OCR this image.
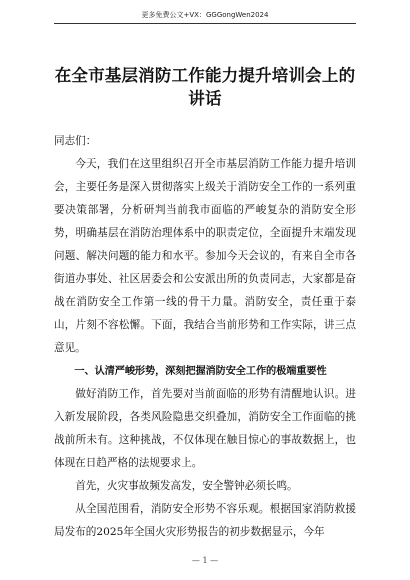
更多免费公文+VX：GGGongWen2024
在全市基层消防工作能力提升培训会上的讲话

同志们：

今天，我们在这里组织召开全市基层消防工作能力提升培训会，主要任务是深入贯彻落实上级关于消防安全工作的一系列重要决策部署，分析研判当前我市面临的严峻复杂的消防安全形势，明确基层在消防治理体系中的职责定位，全面提升末端发现问题、解决问题的能力和水平。参加今天会议的，有来自全市各街道办事处、社区居委会和公安派出所的负责同志，大家都是奋战在消防安全工作第一线的骨干力量。消防安全，责任重于泰山，片刻不容松懈。下面，我结合当前形势和工作实际，讲三点意见。

一、认清严峻形势，深刻把握消防安全工作的极端重要性

做好消防工作，首先要对当前面临的形势有清醒地认识。进入新发展阶段，各类风险隐患交织叠加，消防安全工作面临的挑战前所未有。这种挑战，不仅体现在触目惊心的事故数据上，也体现在日趋严格的法规要求上。

首先，火灾事故频发高发，安全警钟必须长鸣。

从全国范围看，消防安全形势不容乐观。根据国家消防救援局发布的2025年全国火灾形势报告的初步数据显示，今年

— 1 —
